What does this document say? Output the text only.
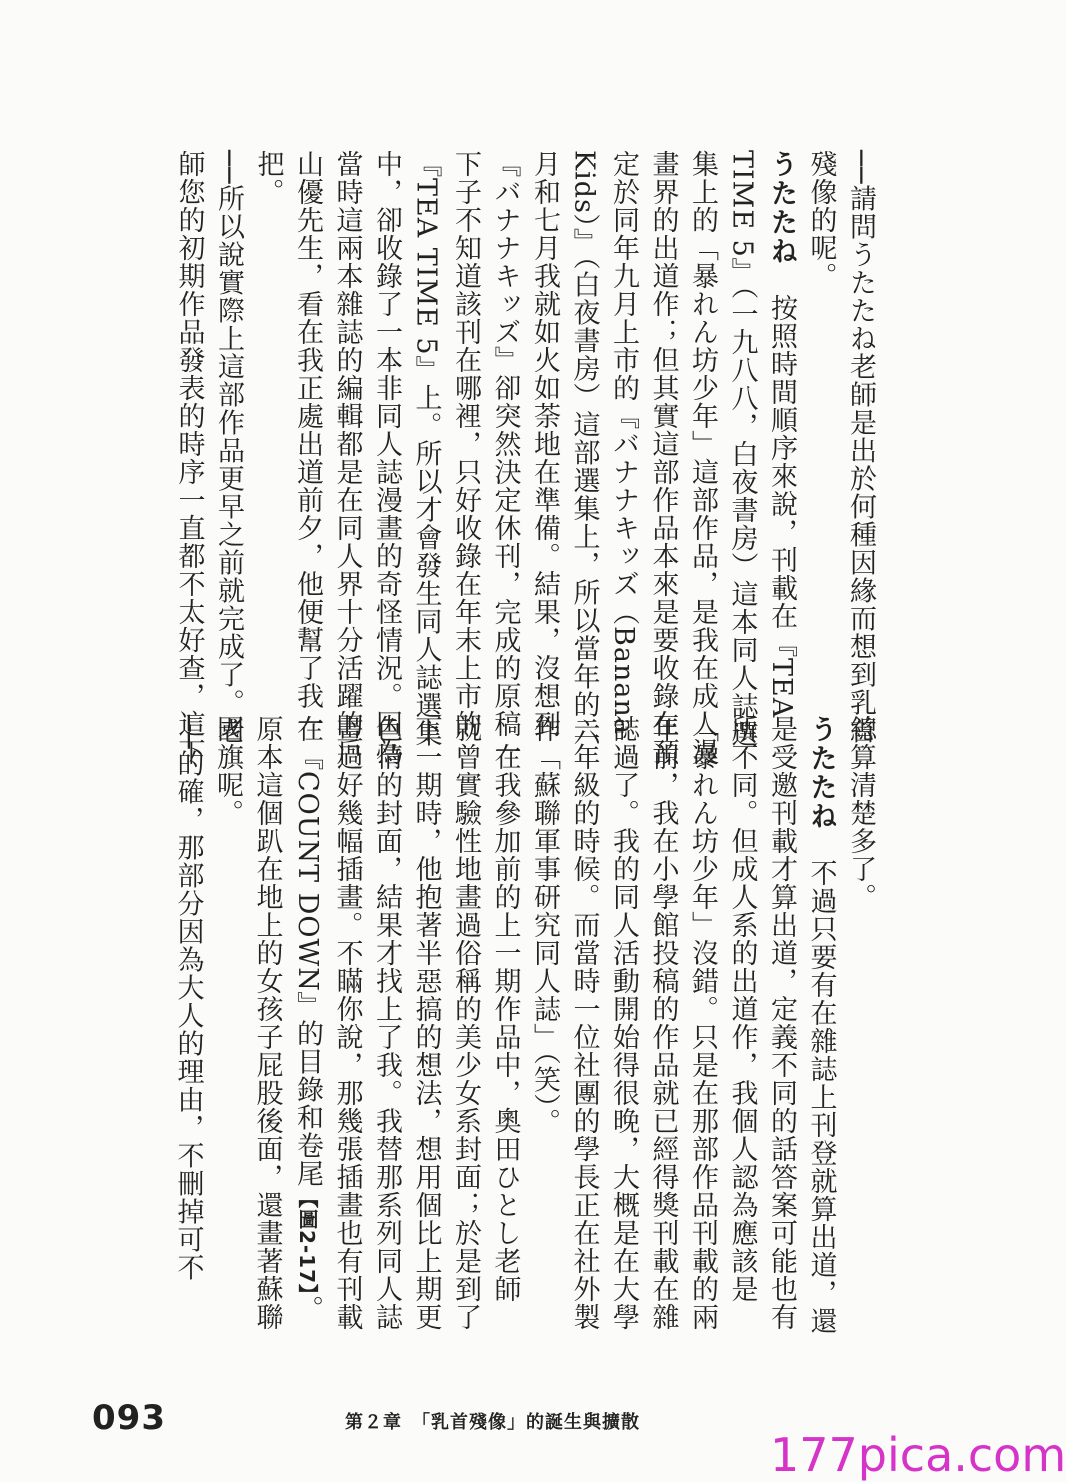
──請問うたたね老師是出於何種因緣而想到乳首
殘像的呢。
うたたね　按照時間順序來說，刊載在『TEA
TIME 5』（一九八八，白夜書房）這本同人誌選
集上的「暴れん坊少年」這部作品，是我在成人漫
畫界的出道作；但其實這部作品本來是要收錄在預
定於同年九月上市的『バナナキッズ（Banana
Kids）』（白夜書房）這部選集上，所以當年的六
月和七月我就如火如荼地在準備。結果，沒想到
『バナナキッズ』卻突然決定休刊，完成的原稿一
下子不知道該刊在哪裡，只好收錄在年末上市的
『TEA TIME 5』上。所以才會發生同人誌選集
中，卻收錄了一本非同人誌漫畫的奇怪情況。因為
當時這兩本雜誌的編輯都是在同人界十分活躍的戶
山優先生，看在我正處出道前夕，他便幫了我一
把。
──所以說實際上這部作品更早之前就完成了。老
師您的初期作品發表的時序一直都不太好查，這下
總算清楚多了。
うたたね　不過只要有在雜誌上刊登就算出道，還
是受邀刊載才算出道，定義不同的話答案可能也有
所不同。但成人系的出道作，我個人認為應該是
「暴れん坊少年」沒錯。只是在那部作品刊載的兩
年前，我在小學館投稿的作品就已經得獎刊載在雜
誌過了。我的同人活動開始得很晚，大概是在大學
二年級的時候。而當時一位社團的學長正在社外製
作「蘇聯軍事研究同人誌」（笑）。
　在我參加前的上一期作品中，奧田ひとし老師
就曾實驗性地畫過俗稱的美少女系封面；於是到了
下一期時，他抱著半惡搞的想法，想用個比上期更
色情的封面，結果才找上了我。我替那系列同人誌
畫過好幾幅插畫。不瞞你說，那幾張插畫也有刊載
在『COUNT DOWN』的目錄和卷尾【圖2-17】。
原本這個趴在地上的女孩子屁股後面，還畫著蘇聯
國旗呢。
──的確，那部分因為大人的理由，不刪掉可不
093	第２章　「乳首殘像」的誕生與擴散
177pica.com
